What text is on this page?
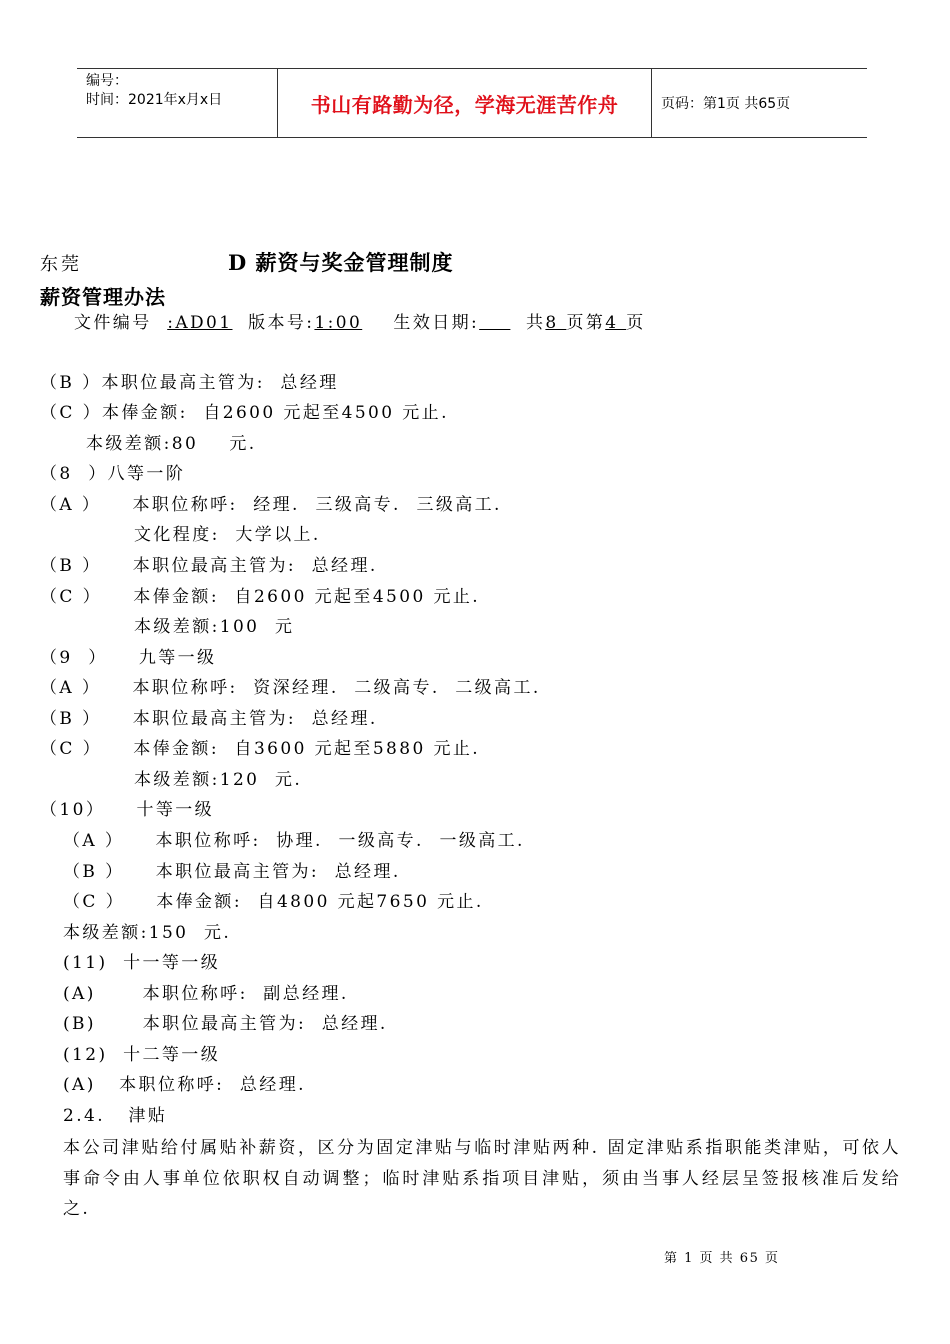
编号：
时间：2021年x月x日	书山有路勤为径，学海无涯苦作舟	页码：第1页 共65页
东莞	D 薪资与奖金管理制度
薪资管理办法
文件编号  :AD01  版本号:1:00    生效日期:      共8 页第4 页
（B ）本职位最高主管为:  总经理
（C ）本俸金额:  自2600 元起至4500 元止.
本级差额:80    元.
（8  ）八等一阶
（A ）    本职位称呼:  经理.  三级高专.  三级高工.
文化程度:  大学以上.
（B ）    本职位最高主管为:  总经理.
（C ）    本俸金额:  自2600 元起至4500 元止.
本级差额:100  元
（9  ）    九等一级
（A ）    本职位称呼:  资深经理.  二级高专.  二级高工.
（B ）    本职位最高主管为:  总经理.
（C ）    本俸金额:  自3600 元起至5880 元止.
本级差额:120  元.
（10）    十等一级
（A ）    本职位称呼:  协理.  一级高专.  一级高工.
（B ）    本职位最高主管为:  总经理.
（C ）    本俸金额:  自4800 元起7650 元止.
本级差额:150  元.
(11)  十一等一级
(A)      本职位称呼:  副总经理.
(B)      本职位最高主管为:  总经理.
(12)  十二等一级
(A)   本职位称呼:  总经理.
2.4.   津贴
本公司津贴给付属贴补薪资，区分为固定津贴与临时津贴两种. 固定津贴系指职能类津贴，可依人事命令由人事单位依职权自动调整；临时津贴系指项目津贴，须由当事人经层呈签报核准后发给之.
第 1 页 共 65 页
